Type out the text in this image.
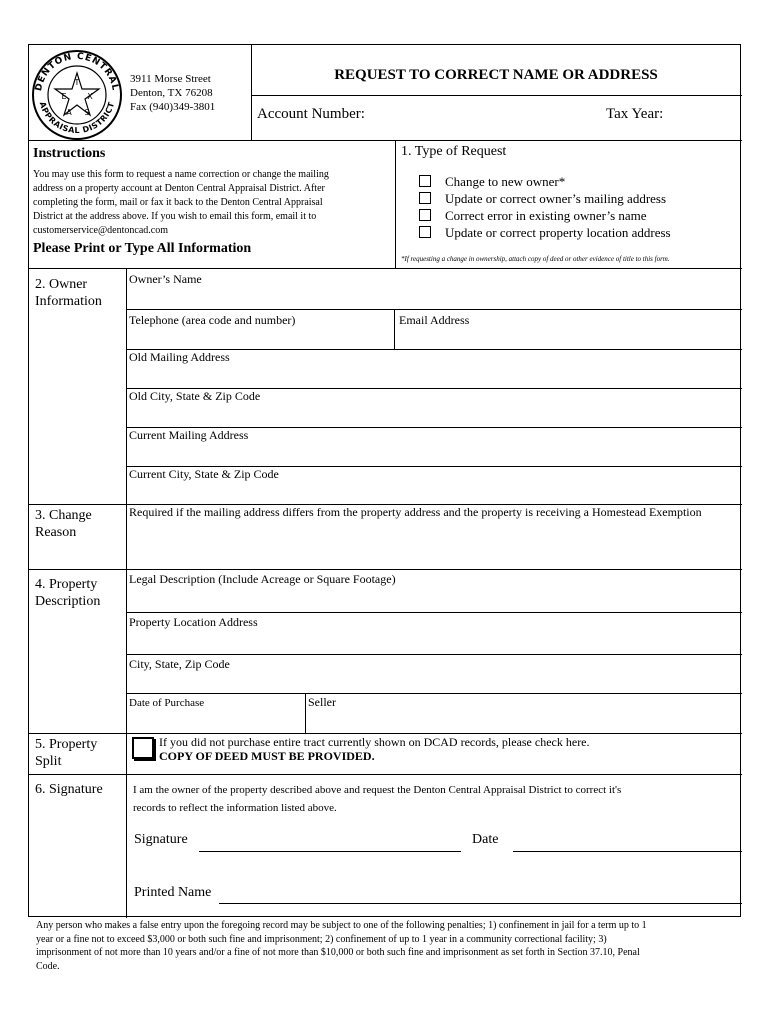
DENTON CENTRAL
APPRAISAL DISTRICT
T
E	X
A S
3911 Morse Street
Denton, TX 76208
Fax (940)349-3801
REQUEST TO CORRECT NAME OR ADDRESS
Account Number:	Tax Year:
Instructions
You may use this form to request a name correction or change the mailing
address on a property account at Denton Central Appraisal District. After
completing the form, mail or fax it back to the Denton Central Appraisal
District at the address above. If you wish to email this form, email it to
customerservice@dentoncad.com
Please Print or Type All Information
1. Type of Request
Change to new owner*
Update or correct owner’s mailing address
Correct error in existing owner’s name
Update or correct property location address
*If requesting a change in ownership, attach copy of deed or other evidence of title to this form.
2. Owner
Information
Owner’s Name
Telephone (area code and number)	Email Address
Old Mailing Address
Old City, State & Zip Code
Current Mailing Address
Current City, State & Zip Code
3. Change
Reason
Required if the mailing address differs from the property address and the property is receiving a Homestead Exemption
4. Property
Description
Legal Description (Include Acreage or Square Footage)
Property Location Address
City, State, Zip Code
Date of Purchase	Seller
5. Property
Split
If you did not purchase entire tract currently shown on DCAD records, please check here.
COPY OF DEED MUST BE PROVIDED.
6. Signature	I am the owner of the property described above and request the Denton Central Appraisal District to correct it's
records to reflect the information listed above.
Signature	Date
Printed Name
Any person who makes a false entry upon the foregoing record may be subject to one of the following penalties; 1) confinement in jail for a term up to 1
year or a fine not to exceed $3,000 or both such fine and imprisonment; 2) confinement of up to 1 year in a community correctional facility; 3)
imprisonment of not more than 10 years and/or a fine of not more than $10,000 or both such fine and imprisonment as set forth in Section 37.10, Penal
Code.
